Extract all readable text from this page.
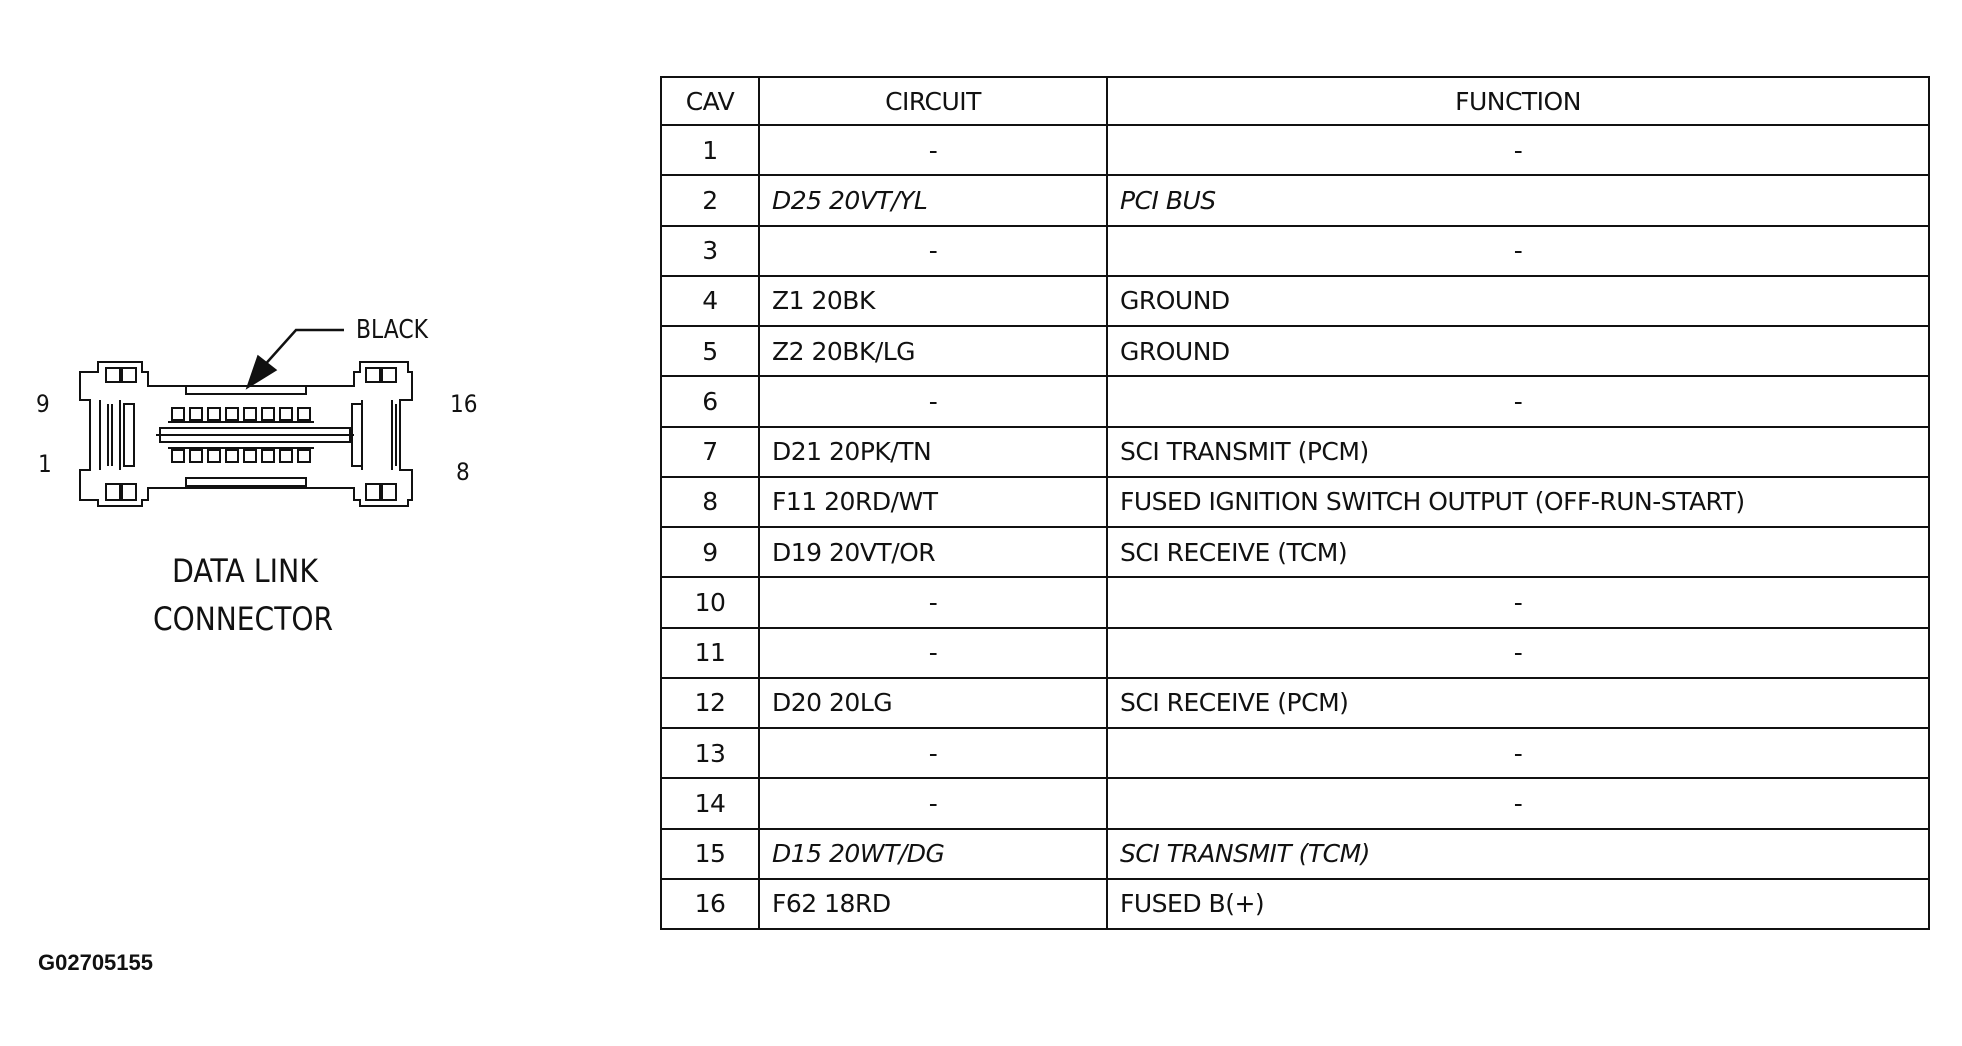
BLACK
9
1
16
8
DATA LINK
CONNECTOR
CAV	CIRCUIT	FUNCTION
1	-	-
2	D25 20VT/YL	PCI BUS
3	-	-
4	Z1 20BK	GROUND
5	Z2 20BK/LG	GROUND
6	-	-
7	D21 20PK/TN	SCI TRANSMIT (PCM)
8	F11 20RD/WT	FUSED IGNITION SWITCH OUTPUT (OFF-RUN-START)
9	D19 20VT/OR	SCI RECEIVE (TCM)
10	-	-
11	-	-
12	D20 20LG	SCI RECEIVE (PCM)
13	-	-
14	-	-
15	D15 20WT/DG	SCI TRANSMIT (TCM)
16	F62 18RD	FUSED B(+)
G02705155
